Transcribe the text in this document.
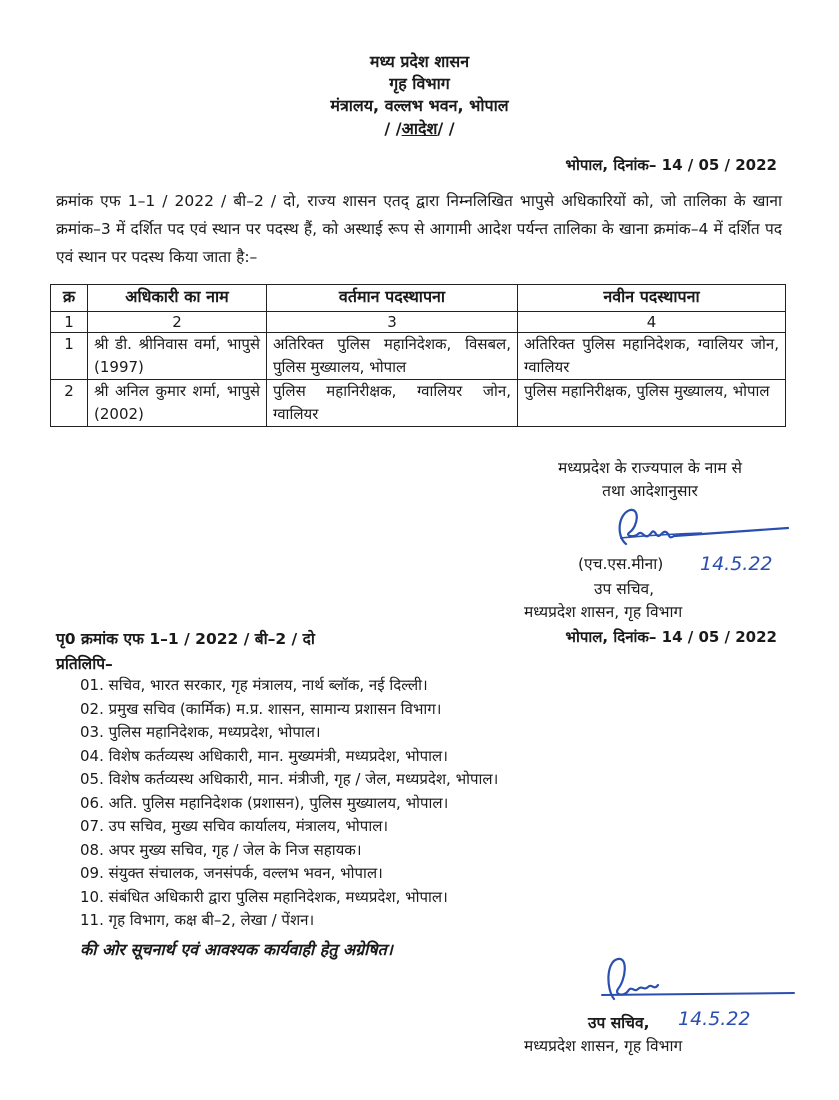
मध्य प्रदेश शासन
गृह विभाग
मंत्रालय, वल्लभ भवन, भोपाल
/ /आदेश/ /
भोपाल, दिनांक– 14 / 05 / 2022
क्रमांक एफ 1–1 / 2022 / बी–2 / दो, राज्य शासन एतद् द्वारा निम्नलिखित भापुसे अधिकारियों को, जो तालिका के खाना क्रमांक–3 में दर्शित पद एवं स्थान पर पदस्थ हैं, को अस्थाई रूप से आगामी आदेश पर्यन्त तालिका के खाना क्रमांक–4 में दर्शित पद एवं स्थान पर पदस्थ किया जाता है:–
क्र	अधिकारी का नाम	वर्तमान पदस्थापना	नवीन पदस्थापना
1	2	3	4
1	श्री डी. श्रीनिवास वर्मा, भापुसे (1997)	अतिरिक्त पुलिस महानिदेशक, विसबल, पुलिस मुख्यालय, भोपाल	अतिरिक्त पुलिस महानिदेशक, ग्वालियर जोन, ग्वालियर
2	श्री अनिल कुमार शर्मा, भापुसे (2002)	पुलिस महानिरीक्षक, ग्वालियर जोन, ग्वालियर	पुलिस महानिरीक्षक, पुलिस मुख्यालय, भोपाल
मध्यप्रदेश के राज्यपाल के नाम से
तथा आदेशानुसार
(एच.एस.मीना) 14.5.22
उप सचिव,
मध्यप्रदेश शासन, गृह विभाग
पृ0 क्रमांक एफ 1–1 / 2022 / बी–2 / दो	भोपाल, दिनांक– 14 / 05 / 2022
प्रतिलिपि–
01. सचिव, भारत सरकार, गृह मंत्रालय, नार्थ ब्लॉक, नई दिल्ली।
02. प्रमुख सचिव (कार्मिक) म.प्र. शासन, सामान्य प्रशासन विभाग।
03. पुलिस महानिदेशक, मध्यप्रदेश, भोपाल।
04. विशेष कर्तव्यस्थ अधिकारी, मान. मुख्यमंत्री, मध्यप्रदेश, भोपाल।
05. विशेष कर्तव्यस्थ अधिकारी, मान. मंत्रीजी, गृह / जेल, मध्यप्रदेश, भोपाल।
06. अति. पुलिस महानिदेशक (प्रशासन), पुलिस मुख्यालय, भोपाल।
07. उप सचिव, मुख्य सचिव कार्यालय, मंत्रालय, भोपाल।
08. अपर मुख्य सचिव, गृह / जेल के निज सहायक।
09. संयुक्त संचालक, जनसंपर्क, वल्लभ भवन, भोपाल।
10. संबंधित अधिकारी द्वारा पुलिस महानिदेशक, मध्यप्रदेश, भोपाल।
11. गृह विभाग, कक्ष बी–2, लेखा / पेंशन।
की ओर सूचनार्थ एवं आवश्यक कार्यवाही हेतु अग्रेषित।
उप सचिव, 14.5.22
मध्यप्रदेश शासन, गृह विभाग
